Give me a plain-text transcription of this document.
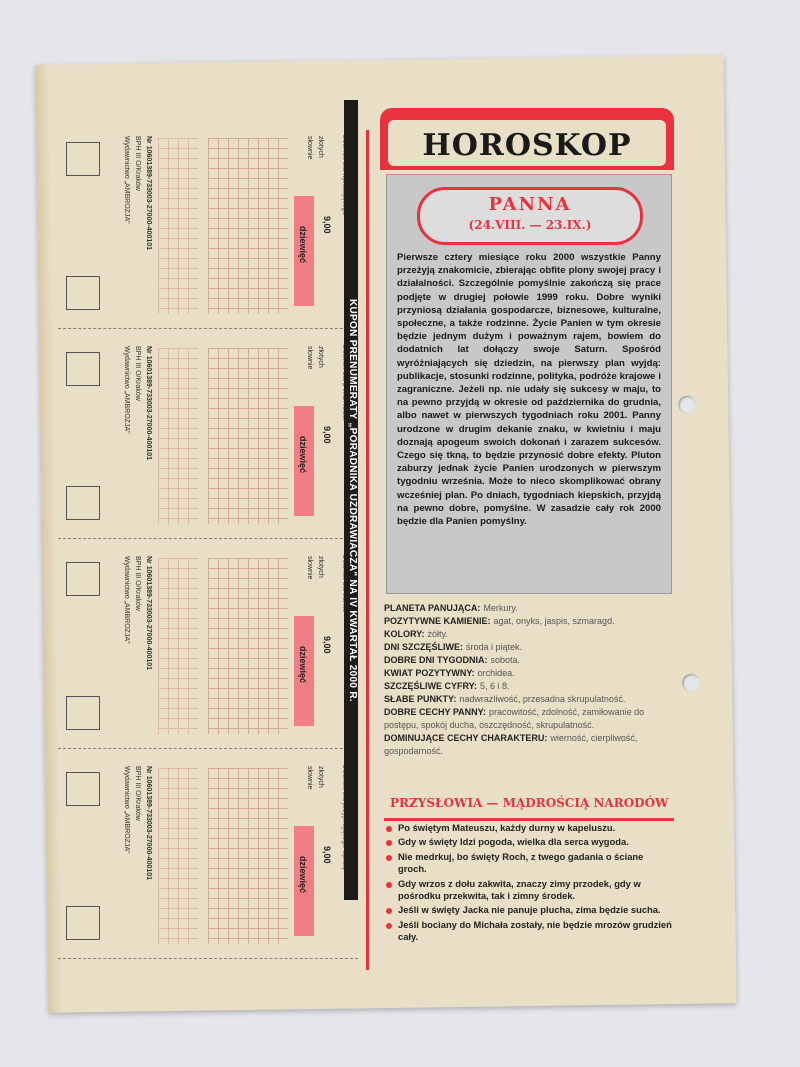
9,00
złotych
słownie
dziewięć
Nr 10601389-733003-27000-400101
BPH III O/Kraków
Wydawnictwo „AMBROZJA"
9,00
złotych
słownie
dziewięć
Nr 10601389-733003-27000-400101
BPH III O/Kraków
Wydawnictwo „AMBROZJA"
9,00
złotych
słownie
dziewięć
Nr 10601389-733003-27000-400101
BPH III O/Kraków
Wydawnictwo „AMBROZJA"
9,00
złotych
słownie
dziewięć
Nr 10601389-733003-27000-400101
BPH III O/Kraków
Wydawnictwo „AMBROZJA"
KUPON PRENUMERATY „PORADNIKA UZDRAWIACZA" NA IV KWARTAŁ 2000 R.
HOROSKOP
PANNA
(24.VIII. — 23.IX.)
Pierwsze cztery miesiące roku 2000 wszystkie Panny przeżyją znakomicie, zbierając obfite plony swojej pracy i działalności. Szczególnie pomyślnie zakończą się prace podjęte w drugiej połowie 1999 roku. Dobre wyniki przyniosą działania gospodarcze, biznesowe, kulturalne, społeczne, a także rodzinne. Życie Panien w tym okresie będzie jednym dużym i poważnym rajem, bowiem do dodatnich lat dołączy swoje Saturn. Spośród wyróżniających się dziedzin, na pierwszy plan wyjdą: publikacje, stosunki rodzinne, polityka, podróże krajowe i zagraniczne. Jeżeli np. nie udały się sukcesy w maju, to na pewno przyjdą w okresie od października do grudnia, albo nawet w pierwszych tygodniach roku 2001. Panny urodzone w drugim dekanie znaku, w kwietniu i maju doznają apogeum swoich dokonań i zarazem sukcesów. Czego się tkną, to będzie przynosić dobre efekty. Pluton zaburzy jednak życie Panien urodzonych w pierwszym tygodniu września. Może to nieco skomplikować obrany wcześniej plan. Po dniach, tygodniach kiepskich, przyjdą na pewno dobre, pomyślne. W zasadzie cały rok 2000 będzie dla Panien pomyślny.
PLANETA PANUJĄCA: Merkury.
POZYTYWNE KAMIENIE: agat, onyks, jaspis, szmaragd.
KOLORY: żółty.
DNI SZCZĘŚLIWE: środa i piątek.
DOBRE DNI TYGODNIA: sobota.
KWIAT POZYTYWNY: orchidea.
SZCZĘŚLIWE CYFRY: 5, 6 i 8.
SŁABE PUNKTY: nadwrażliwość, przesadna skrupulatność.
DOBRE CECHY PANNY: pracowitość, zdolność, zamiłowanie do postępu, spokój ducha, oszczędność, skrupulatność.
DOMINUJĄCE CECHY CHARAKTERU: wierność, cierpliwość, gospodarność.
PRZYSŁOWIA — MĄDROŚCIĄ NARODÓW
Po świętym Mateuszu, każdy durny w kapeluszu.
Gdy w święty Idzi pogoda, wielka dla serca wygoda.
Nie medrkuj, bo święty Roch, z twego gadania o ściane groch.
Gdy wrzos z dołu zakwita, znaczy zimy przodek, gdy w pośrodku przekwita, tak i zimny środek.
Jeśli w święty Jacka nie panuje plucha, zima będzie sucha.
Jeśli bociany do Michała zostały, nie będzie mrozów grudzień cały.
